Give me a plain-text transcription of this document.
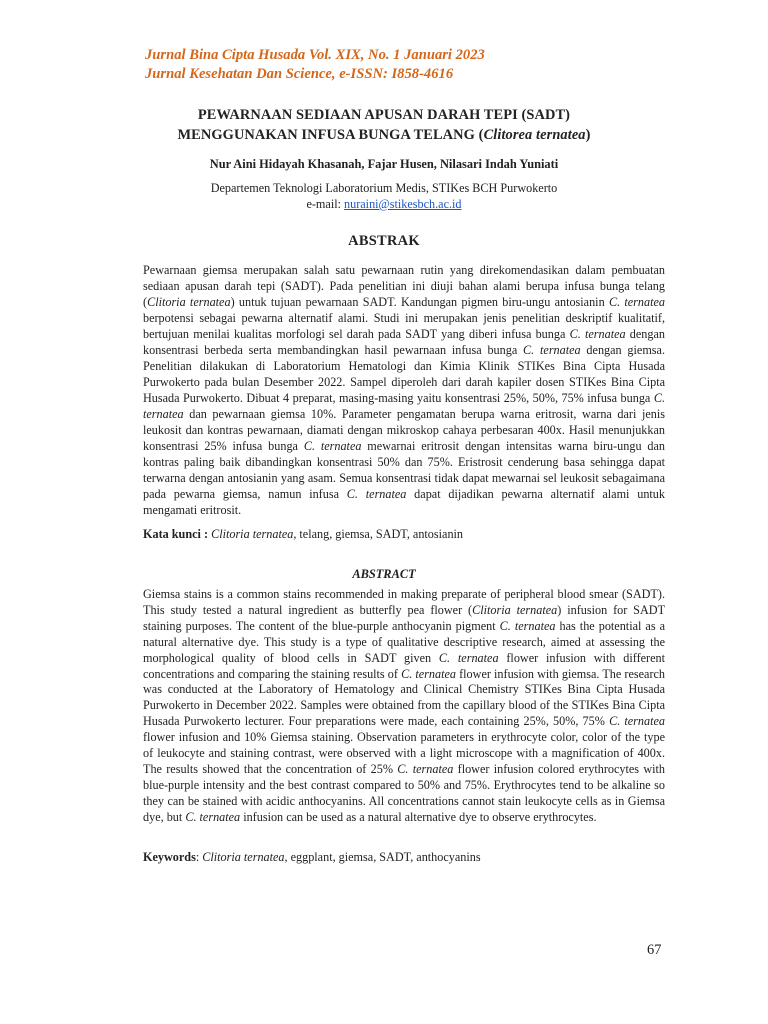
Jurnal Bina Cipta Husada Vol. XIX, No. 1 Januari 2023
Jurnal Kesehatan Dan Science, e-ISSN: I858-4616
PEWARNAAN SEDIAAN APUSAN DARAH TEPI (SADT)
MENGGUNAKAN INFUSA BUNGA TELANG (Clitorea ternatea)
Nur Aini Hidayah Khasanah, Fajar Husen, Nilasari Indah Yuniati
Departemen Teknologi Laboratorium Medis, STIKes BCH Purwokerto
e-mail: nuraini@stikesbch.ac.id
ABSTRAK
Pewarnaan giemsa merupakan salah satu pewarnaan rutin yang direkomendasikan dalam pembuatan sediaan apusan darah tepi (SADT). Pada penelitian ini diuji bahan alami berupa infusa bunga telang (Clitoria ternatea) untuk tujuan pewarnaan SADT. Kandungan pigmen biru-ungu antosianin C. ternatea berpotensi sebagai pewarna alternatif alami. Studi ini merupakan jenis penelitian deskriptif kualitatif, bertujuan menilai kualitas morfologi sel darah pada SADT yang diberi infusa bunga C. ternatea dengan konsentrasi berbeda serta membandingkan hasil pewarnaan infusa bunga C. ternatea dengan giemsa. Penelitian dilakukan di Laboratorium Hematologi dan Kimia Klinik STIKes Bina Cipta Husada Purwokerto pada bulan Desember 2022. Sampel diperoleh dari darah kapiler dosen STIKes Bina Cipta Husada Purwokerto. Dibuat 4 preparat, masing-masing yaitu konsentrasi 25%, 50%, 75% infusa bunga C. ternatea dan pewarnaan giemsa 10%. Parameter pengamatan berupa warna eritrosit, warna dari jenis leukosit dan kontras pewarnaan, diamati dengan mikroskop cahaya perbesaran 400x. Hasil menunjukkan konsentrasi 25% infusa bunga C. ternatea mewarnai eritrosit dengan intensitas warna biru-ungu dan kontras paling baik dibandingkan konsentrasi 50% dan 75%. Eristrosit cenderung basa sehingga dapat terwarna dengan antosianin yang asam. Semua konsentrasi tidak dapat mewarnai sel leukosit sebagaimana pada pewarna giemsa, namun infusa C. ternatea dapat dijadikan pewarna alternatif alami untuk mengamati eritrosit.
Kata kunci : Clitoria ternatea, telang, giemsa, SADT, antosianin
ABSTRACT
Giemsa stains is a common stains recommended in making preparate of peripheral blood smear (SADT). This study tested a natural ingredient as butterfly pea flower (Clitoria ternatea) infusion for SADT staining purposes. The content of the blue-purple anthocyanin pigment C. ternatea has the potential as a natural alternative dye. This study is a type of qualitative descriptive research, aimed at assessing the morphological quality of blood cells in SADT given C. ternatea flower infusion with different concentrations and comparing the staining results of C. ternatea flower infusion with giemsa. The research was conducted at the Laboratory of Hematology and Clinical Chemistry STIKes Bina Cipta Husada Purwokerto in December 2022. Samples were obtained from the capillary blood of the STIKes Bina Cipta Husada Purwokerto lecturer. Four preparations were made, each containing 25%, 50%, 75% C. ternatea flower infusion and 10% Giemsa staining. Observation parameters in erythrocyte color, color of the type of leukocyte and staining contrast, were observed with a light microscope with a magnification of 400x. The results showed that the concentration of 25% C. ternatea flower infusion colored erythrocytes with blue-purple intensity and the best contrast compared to 50% and 75%. Erythrocytes tend to be alkaline so they can be stained with acidic anthocyanins. All concentrations cannot stain leukocyte cells as in Giemsa dye, but C. ternatea infusion can be used as a natural alternative dye to observe erythrocytes.
Keywords: Clitoria ternatea, eggplant, giemsa, SADT, anthocyanins
67
